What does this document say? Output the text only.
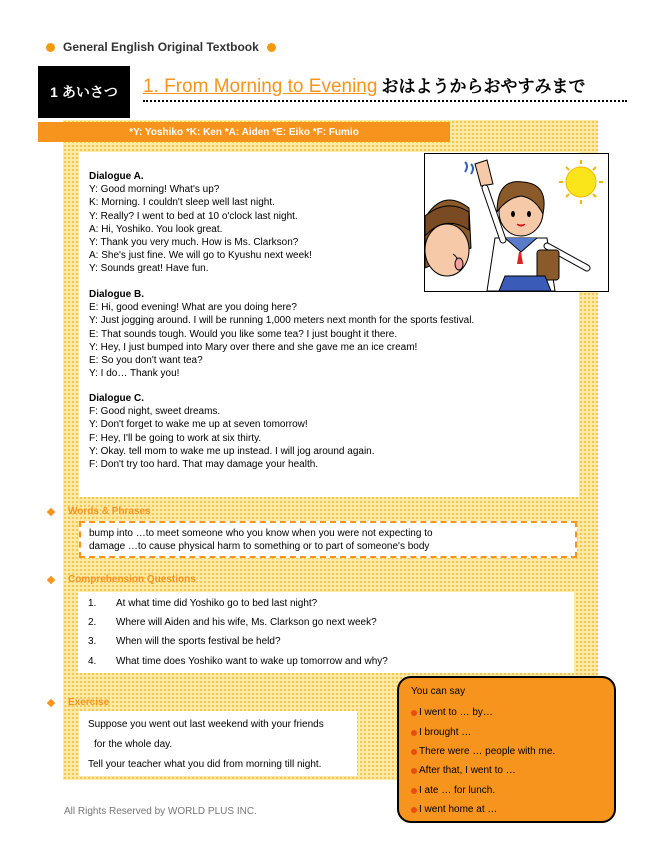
General English Original Textbook
1 あいさつ 1. From Morning to Evening おはようからおやすみまで
*Y: Yoshiko *K: Ken *A: Aiden *E: Eiko *F: Fumio
Dialogue A.
Y: Good morning! What's up?
K: Morning. I couldn't sleep well last night.
Y: Really? I went to bed at 10 o'clock last night.
A: Hi, Yoshiko. You look great.
Y: Thank you very much. How is Ms. Clarkson?
A: She's just fine. We will go to Kyushu next week!
Y: Sounds great! Have fun.
Dialogue B.
E: Hi, good evening! What are you doing here?
Y: Just jogging around. I will be running 1,000 meters next month for the sports festival.
E: That sounds tough. Would you like some tea? I just bought it there.
Y: Hey, I just bumped into Mary over there and she gave me an ice cream!
E: So you don't want tea?
Y: I do… Thank you!
Dialogue C.
F: Good night, sweet dreams.
Y: Don't forget to wake me up at seven tomorrow!
F: Hey, I'll be going to work at six thirty.
Y: Okay. tell mom to wake me up instead. I will jog around again.
F: Don't try too hard. That may damage your health.
Words & Phrases
bump into …to meet someone who you know when you were not expecting to
damage …to cause physical harm to something or to part of someone's body
Comprehension Questions
1.	At what time did Yoshiko go to bed last night?
2.	Where will Aiden and his wife, Ms. Clarkson go next week?
3.	When will the sports festival be held?
4.	What time does Yoshiko want to wake up tomorrow and why?
Exercise
Suppose you went out last weekend with your friends
for the whole day.
Tell your teacher what you did from morning till night.
You can say
I went to … by…
I brought …
There were … people with me.
After that, I went to …
I ate … for lunch.
I went home at …
All Rights Reserved by WORLD PLUS INC.
